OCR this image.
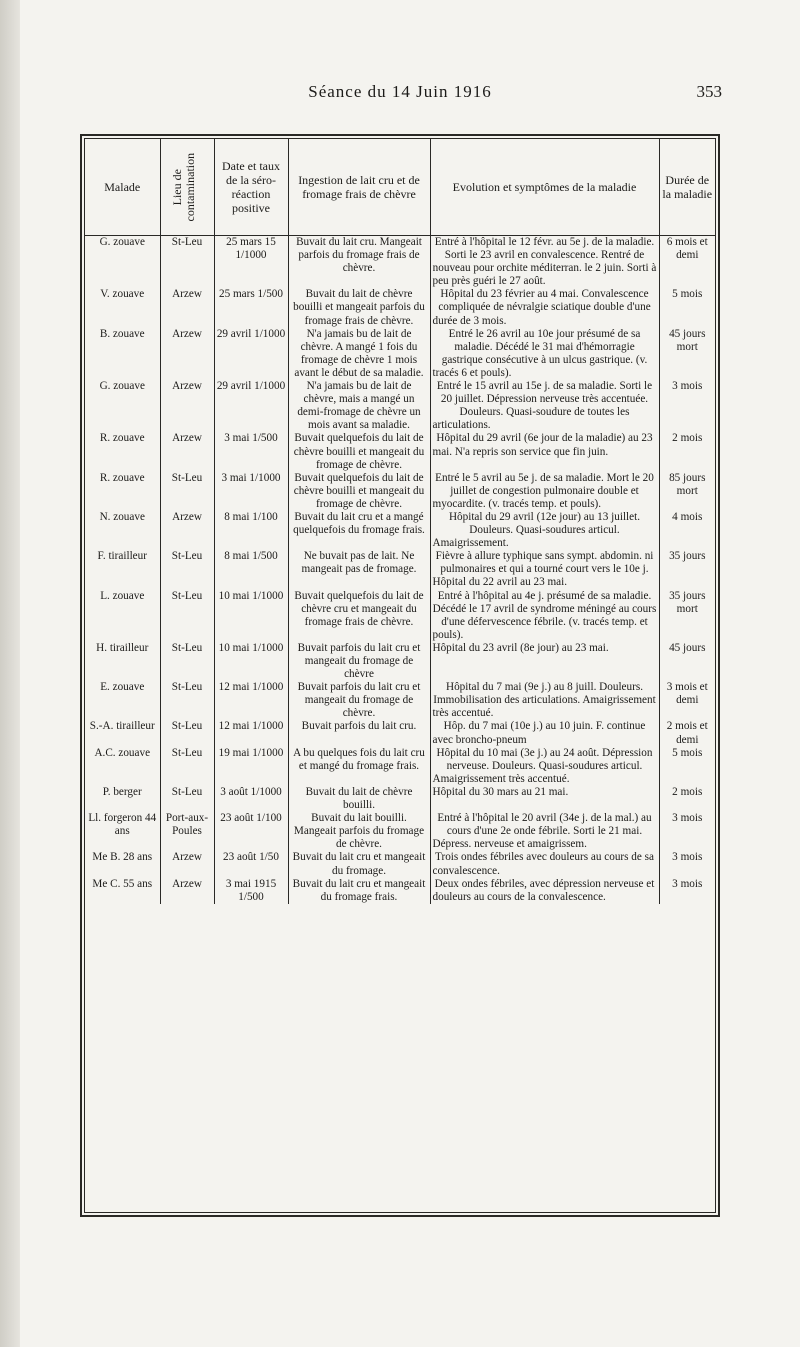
Séance du 14 Juin 1916	353
Malade	Lieu de contamination	Date et taux de la séro-réaction positive	Ingestion de lait cru et de fromage frais de chèvre	Evolution et symptômes de la maladie	Durée de la maladie
G. zouave	St-Leu	25 mars 15 1/1000	Buvait du lait cru. Mangeait parfois du fromage frais de chèvre.	Entré à l'hôpital le 12 févr. au 5e j. de la maladie. Sorti le 23 avril en convalescence. Rentré de nouveau pour orchite méditerran. le 2 juin. Sorti à peu près guéri le 27 août.	6 mois et demi
V. zouave	Arzew	25 mars 1/500	Buvait du lait de chèvre bouilli et mangeait parfois du fromage frais de chèvre.	Hôpital du 23 février au 4 mai. Convalescence compliquée de névralgie sciatique double d'une durée de 3 mois.	5 mois
B. zouave	Arzew	29 avril 1/1000	N'a jamais bu de lait de chèvre. A mangé 1 fois du fromage de chèvre 1 mois avant le début de sa maladie.	Entré le 26 avril au 10e jour présumé de sa maladie. Décédé le 31 mai d'hémorragie gastrique consécutive à un ulcus gastrique. (v. tracés 6 et pouls).	45 jours mort
G. zouave	Arzew	29 avril 1/1000	N'a jamais bu de lait de chèvre, mais a mangé un demi-fromage de chèvre un mois avant sa maladie.	Entré le 15 avril au 15e j. de sa maladie. Sorti le 20 juillet. Dépression nerveuse très accentuée. Douleurs. Quasi-soudure de toutes les articulations.	3 mois
R. zouave	Arzew	3 mai 1/500	Buvait quelquefois du lait de chèvre bouilli et mangeait du fromage de chèvre.	Hôpital du 29 avril (6e jour de la maladie) au 23 mai. N'a repris son service que fin juin.	2 mois
R. zouave	St-Leu	3 mai 1/1000	Buvait quelquefois du lait de chèvre bouilli et mangeait du fromage de chèvre.	Entré le 5 avril au 5e j. de sa maladie. Mort le 20 juillet de congestion pulmonaire double et myocardite. (v. tracés temp. et pouls).	85 jours mort
N. zouave	Arzew	8 mai 1/100	Buvait du lait cru et a mangé quelquefois du fromage frais.	Hôpital du 29 avril (12e jour) au 13 juillet. Douleurs. Quasi-soudures articul. Amaigrissement.	4 mois
F. tirailleur	St-Leu	8 mai 1/500	Ne buvait pas de lait. Ne mangeait pas de fromage.	Fièvre à allure typhique sans sympt. abdomin. ni pulmonaires et qui a tourné court vers le 10e j. Hôpital du 22 avril au 23 mai.	35 jours
L. zouave	St-Leu	10 mai 1/1000	Buvait quelquefois du lait de chèvre cru et mangeait du fromage frais de chèvre.	Entré à l'hôpital au 4e j. présumé de sa maladie. Décédé le 17 avril de syndrome méningé au cours d'une défervescence fébrile. (v. tracés temp. et pouls).	35 jours mort
H. tirailleur	St-Leu	10 mai 1/1000	Buvait parfois du lait cru et mangeait du fromage de chèvre	Hôpital du 23 avril (8e jour) au 23 mai.	45 jours
E. zouave	St-Leu	12 mai 1/1000	Buvait parfois du lait cru et mangeait du fromage de chèvre.	Hôpital du 7 mai (9e j.) au 8 juill. Douleurs. Immobilisation des articulations. Amaigrissement très accentué.	3 mois et demi
S.-A. tirailleur	St-Leu	12 mai 1/1000	Buvait parfois du lait cru.	Hôp. du 7 mai (10e j.) au 10 juin. F. continue avec broncho-pneum	2 mois et demi
A.C. zouave	St-Leu	19 mai 1/1000	A bu quelques fois du lait cru et mangé du fromage frais.	Hôpital du 10 mai (3e j.) au 24 août. Dépression nerveuse. Douleurs. Quasi-soudures articul. Amaigrissement très accentué.	5 mois
P. berger	St-Leu	3 août 1/1000	Buvait du lait de chèvre bouilli.	Hôpital du 30 mars au 21 mai.	2 mois
Ll. forgeron 44 ans	Port-aux-Poules	23 août 1/100	Buvait du lait bouilli. Mangeait parfois du fromage de chèvre.	Entré à l'hôpital le 20 avril (34e j. de la mal.) au cours d'une 2e onde fébrile. Sorti le 21 mai. Dépress. nerveuse et amaigrissem.	3 mois
Me B. 28 ans	Arzew	23 août 1/50	Buvait du lait cru et mangeait du fromage.	Trois ondes fébriles avec douleurs au cours de sa convalescence.	3 mois
Me C. 55 ans	Arzew	3 mai 1915 1/500	Buvait du lait cru et mangeait du fromage frais.	Deux ondes fébriles, avec dépression nerveuse et douleurs au cours de la convalescence.	3 mois
